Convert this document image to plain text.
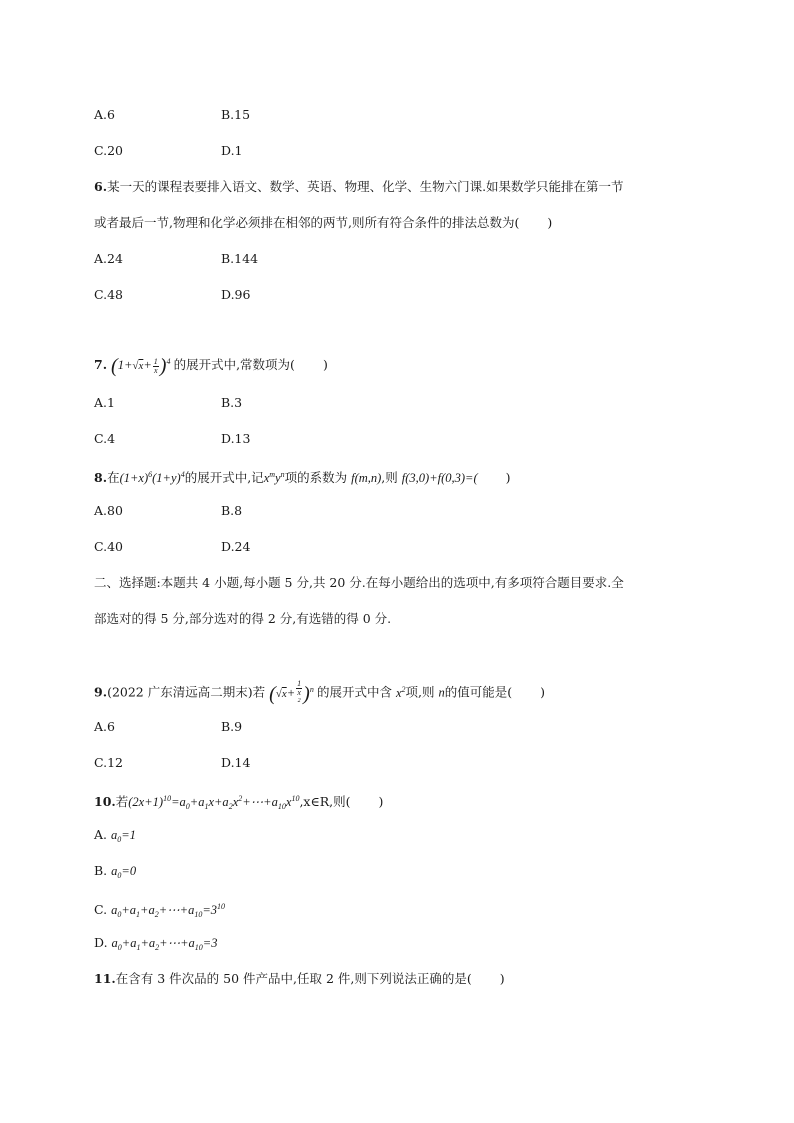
A.6	B.15
C.20	D.1
6.某一天的课程表要排入语文、数学、英语、物理、化学、生物六门课.如果数学只能排在第一节
或者最后一节,物理和化学必须排在相邻的两节,则所有符合条件的排法总数为( )
A.24	B.144
C.48	D.96
7. $(1+√x+ \frac{1}{x} )^4$ 的展开式中,常数项为( )
A.1	B.3
C.4	D.13
8.在$(1+x)^6(1+y)^4$的展开式中,记$x^my^n$项的系数为 f(m,n),则 f(3,0)+f(0,3)=( )
A.80	B.8
C.40	D.24
二、选择题:本题共 4 小题,每小题 5 分,共 20 分.在每小题给出的选项中,有多项符合题目要求.全
部选对的得 5 分,部分选对的得 2 分,有选错的得 0 分.
9.(2022 广东清远高二期末)若 (√x+ 1
x
$^2$ )$^n$ 的展开式中含 $x^2$项,则 n的值可能是( )
A.6	B.9
C.12	D.14
10.若$(2x+1)^{10}=a_0+a_1x+a_2x^2+\cdots+a_{10}x^{10},x\in R$,则( )
A. $a_0=1$
B. $a_0=0$
C. $a_0+a_1+a_2+\cdots+a_{10}=3^{10}$
D. $a_0+a_1+a_2+\cdots+a_{10}=3$
11.在含有 3 件次品的 50 件产品中,任取 2 件,则下列说法正确的是( )
